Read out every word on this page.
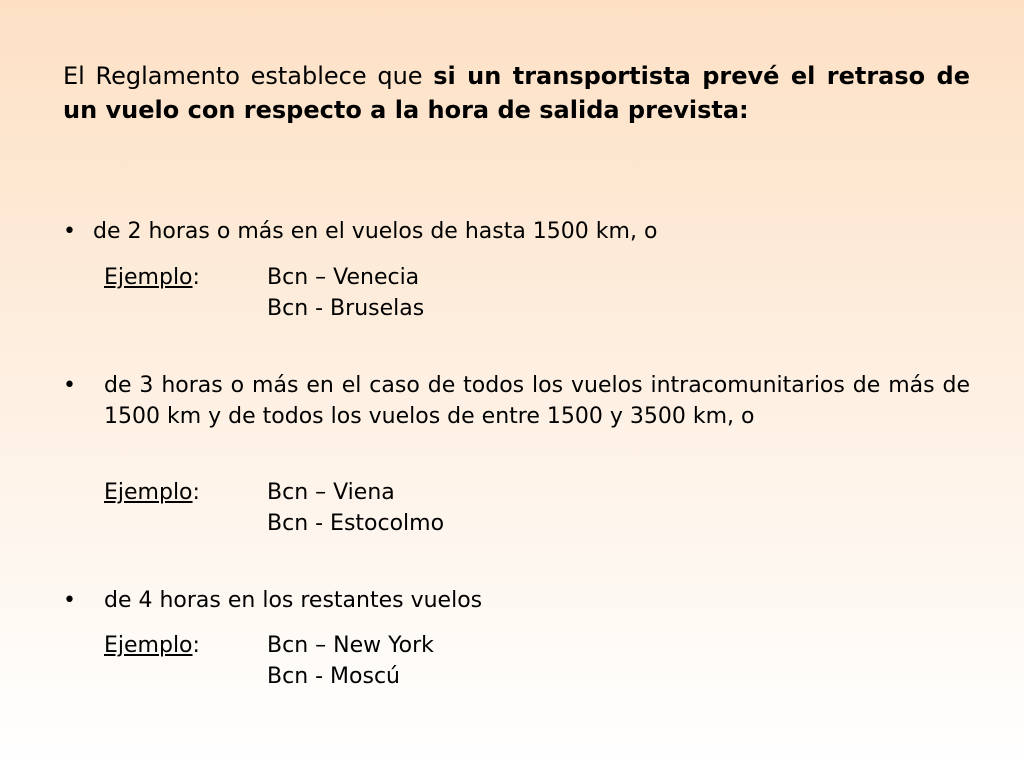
El Reglamento establece que si un transportista prevé el retraso de un vuelo con respecto a la hora de salida prevista:

• de 2 horas o más en el vuelos de hasta 1500 km, o

Ejemplo:	Bcn – Venecia
Bcn - Bruselas
•	de 3 horas o más en el caso de todos los vuelos intracomunitarios de más de 1500 km y de todos los vuelos de entre 1500 y 3500 km, o

Ejemplo:	Bcn – Viena
Bcn - Estocolmo
•	de 4 horas en los restantes vuelos

Ejemplo:	Bcn – New York
Bcn - Moscú
